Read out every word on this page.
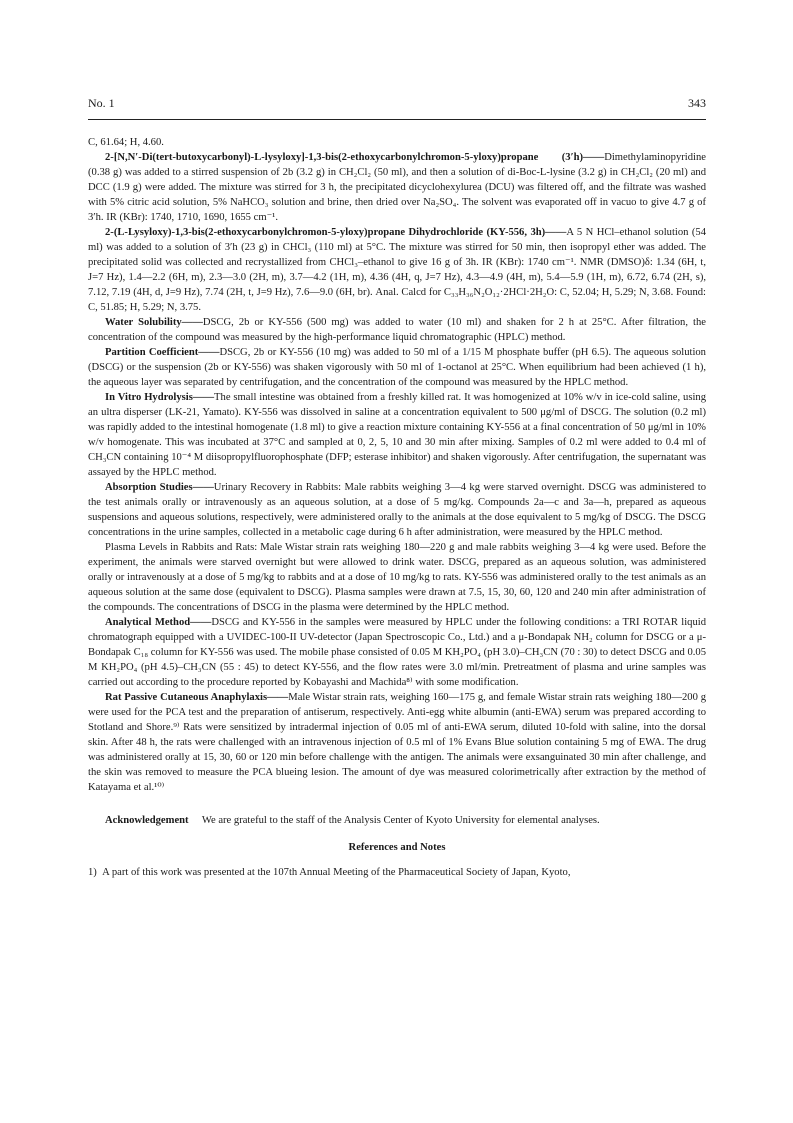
No. 1	343

C, 61.64; H, 4.60.

2-[N,N′-Di(tert-butoxycarbonyl)-L-lysyloxy]-1,3-bis(2-ethoxycarbonylchromon-5-yloxy)propane (3′h)——Dimethylaminopyridine (0.38 g) was added to a stirred suspension of 2b (3.2 g) in CH₂Cl₂ (50 ml), and then a solution of di-Boc-L-lysine (3.2 g) in CH₂Cl₂ (20 ml) and DCC (1.9 g) were added. The mixture was stirred for 3 h, the precipitated dicyclohexylurea (DCU) was filtered off, and the filtrate was washed with 5% citric acid solution, 5% NaHCO₃ solution and brine, then dried over Na₂SO₄. The solvent was evaporated off in vacuo to give 4.7 g of 3′h. IR (KBr): 1740, 1710, 1690, 1655 cm⁻¹.

2-(L-Lysyloxy)-1,3-bis(2-ethoxycarbonylchromon-5-yloxy)propane Dihydrochloride (KY-556, 3h)——A 5 N HCl–ethanol solution (54 ml) was added to a solution of 3′h (23 g) in CHCl₃ (110 ml) at 5°C. The mixture was stirred for 50 min, then isopropyl ether was added. The precipitated solid was collected and recrystallized from CHCl₃–ethanol to give 16 g of 3h. IR (KBr): 1740 cm⁻¹. NMR (DMSO)δ: 1.34 (6H, t, J=7 Hz), 1.4—2.2 (6H, m), 2.3—3.0 (2H, m), 3.7—4.2 (1H, m), 4.36 (4H, q, J=7 Hz), 4.3—4.9 (4H, m), 5.4—5.9 (1H, m), 6.72, 6.74 (2H, s), 7.12, 7.19 (4H, d, J=9 Hz), 7.74 (2H, t, J=9 Hz), 7.6—9.0 (6H, br). Anal. Calcd for C₃₃H₃₆N₂O₁₂·2HCl·2H₂O: C, 52.04; H, 5.29; N, 3.68. Found: C, 51.85; H, 5.29; N, 3.75.

Water Solubility——DSCG, 2b or KY-556 (500 mg) was added to water (10 ml) and shaken for 2 h at 25°C. After filtration, the concentration of the compound was measured by the high-performance liquid chromatographic (HPLC) method.

Partition Coefficient——DSCG, 2b or KY-556 (10 mg) was added to 50 ml of a 1/15 M phosphate buffer (pH 6.5). The aqueous solution (DSCG) or the suspension (2b or KY-556) was shaken vigorously with 50 ml of 1-octanol at 25°C. When equilibrium had been achieved (1 h), the aqueous layer was separated by centrifugation, and the concentration of the compound was measured by the HPLC method.

In Vitro Hydrolysis——The small intestine was obtained from a freshly killed rat. It was homogenized at 10% w/v in ice-cold saline, using an ultra disperser (LK-21, Yamato). KY-556 was dissolved in saline at a concentration equivalent to 500 μg/ml of DSCG. The solution (0.2 ml) was rapidly added to the intestinal homogenate (1.8 ml) to give a reaction mixture containing KY-556 at a final concentration of 50 μg/ml in 10% w/v homogenate. This was incubated at 37°C and sampled at 0, 2, 5, 10 and 30 min after mixing. Samples of 0.2 ml were added to 0.4 ml of CH₃CN containing 10⁻⁴ M diisopropylfluorophosphate (DFP; esterase inhibitor) and shaken vigorously. After centrifugation, the supernatant was assayed by the HPLC method.

Absorption Studies——Urinary Recovery in Rabbits: Male rabbits weighing 3—4 kg were starved overnight. DSCG was administered to the test animals orally or intravenously as an aqueous solution, at a dose of 5 mg/kg. Compounds 2a—c and 3a—h, prepared as aqueous suspensions and aqueous solutions, respectively, were administered orally to the animals at the dose equivalent to 5 mg/kg of DSCG. The DSCG concentrations in the urine samples, collected in a metabolic cage during 6 h after administration, were measured by the HPLC method.

Plasma Levels in Rabbits and Rats: Male Wistar strain rats weighing 180—220 g and male rabbits weighing 3—4 kg were used. Before the experiment, the animals were starved overnight but were allowed to drink water. DSCG, prepared as an aqueous solution, was administered orally or intravenously at a dose of 5 mg/kg to rabbits and at a dose of 10 mg/kg to rats. KY-556 was administered orally to the test animals as an aqueous solution at the same dose (equivalent to DSCG). Plasma samples were drawn at 7.5, 15, 30, 60, 120 and 240 min after administration of the compounds. The concentrations of DSCG in the plasma were determined by the HPLC method.

Analytical Method——DSCG and KY-556 in the samples were measured by HPLC under the following conditions: a TRI ROTAR liquid chromatograph equipped with a UVIDEC-100-II UV-detector (Japan Spectroscopic Co., Ltd.) and a μ-Bondapak NH₂ column for DSCG or a μ-Bondapak C₁₈ column for KY-556 was used. The mobile phase consisted of 0.05 M KH₂PO₄ (pH 3.0)–CH₃CN (70 : 30) to detect DSCG and 0.05 M KH₂PO₄ (pH 4.5)–CH₃CN (55 : 45) to detect KY-556, and the flow rates were 3.0 ml/min. Pretreatment of plasma and urine samples was carried out according to the procedure reported by Kobayashi and Machida⁸⁾ with some modification.

Rat Passive Cutaneous Anaphylaxis——Male Wistar strain rats, weighing 160—175 g, and female Wistar strain rats weighing 180—200 g were used for the PCA test and the preparation of antiserum, respectively. Anti-egg white albumin (anti-EWA) serum was prepared according to Stotland and Shore.⁹⁾ Rats were sensitized by intradermal injection of 0.05 ml of anti-EWA serum, diluted 10-fold with saline, into the dorsal skin. After 48 h, the rats were challenged with an intravenous injection of 0.5 ml of 1% Evans Blue solution containing 5 mg of EWA. The drug was administered orally at 15, 30, 60 or 120 min before challenge with the antigen. The animals were exsanguinated 30 min after challenge, and the skin was removed to measure the PCA blueing lesion. The amount of dye was measured colorimetrically after extraction by the method of Katayama et al.¹⁰⁾

Acknowledgement We are grateful to the staff of the Analysis Center of Kyoto University for elemental analyses.

References and Notes

1) A part of this work was presented at the 107th Annual Meeting of the Pharmaceutical Society of Japan, Kyoto,
